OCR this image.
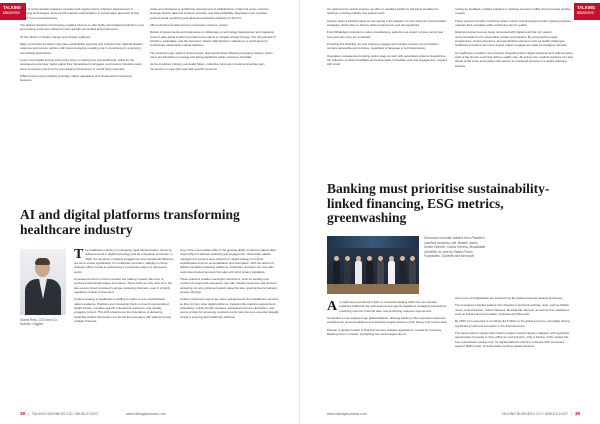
TALKING
Business

those of communication between investors and registry teams collective advancement in emerging technologies. Insurers still maintain intermediation to conservative approach across health, home and automotive.

The defined standard of technology enables insurers to offer highly personalised products to new and existing customers, tailored to their specific risk profiles and preferences.

AT the effects of climate change spur climate resilience

Major economies introduce corporate sustainability reporting and continue their national disaster response and recover policies, with insurers playing a leading role in compliance by employing remodelling approaches.

Lower- and middle-income economies focus on saving lives and livelihoods, whilst for the developed economies, banks adjust their risk-adjusted mortgages, and insurers introduce lower home insurance premiums by encouraging homeowners to retrofit their properties.

While insurers stop providing coverage, safety regulations and climate-driven reinsurers business

codes are introduced to prohibit the development of infrastructure in high risk zones. Insurers leverage historic data and enhance accuracy and data availability. Regulators now mandate environmental monitoring and advanced predictive analytics for the firm.

AM insurtech innovation and no cooperation insurers, insurer.

Reliant of governments and businesses to collaborate on technology development and regulation, insurers take global conflict and undermines efforts to mitigate climate change. The full potential of AI fails to materialise, and the insurance industry falls behind in adapting to a world beset by increasingly catastrophic natural disasters.

The protection gap reaches historic levels, disproportionately affecting emerging markets, where many are left without coverage and facing significant public insurance shortfalls.

As the insurance industry eventually falters, collective risk pools in local communities gain momentum to cope with regionally specific concerns.

AI and digital platforms transforming healthcare industry

Gianni Reis, COO and Co-founder, Giggles

The healthcare industry is undergoing rapid transformation, driven by advancements in digital technology and the integration of AI tools. In 2025, the dynamics of patient engagement and operational efficiency are set to evolve significantly. For healthcare providers, adapting to these changes will be crucial to maintaining a competitive edge in a fast-paced sector.

AI-powered tools for content creation are making it easier than ever to produce professional images and videos. These tools not only save time, but also ensure brand consistency across marketing channels, even in a highly regulated medical environment.

Content strategy in healthcare is shifting to reflect a more sophisticated patient audience. Practices are increasingly likely to invest in personalised health articles, condition-specific educational resources, and visually engaging content. This shift underscores the importance of delivering medically-verified information in a format that resonates with patients across multiple channels.

One of the most notable shifts is the growing ability to harness patient data responsibly for tailored marketing and engagement. Historically, patient management systems were siloed from digital strategy but hybrid sophisticated tools for personalisation and automation. With the advent of HIPAA-compliant marketing platforms, healthcare providers can now offer customised patient journeys that align with strict privacy standards.

These solutions enable meaningful interactions, such as sending new mothers IF tough post-pregnancy care with relevant resources and services, delivering not only enhanced patient value but also opportunities for tailored service offerings.

Today's consumers expect the same seamlessness from healthcare services as they do from other digital platforms. Features like real-time appointment scheduling, mobile-friendly websites, transparent service information, and secure portals for accessing medical records have become essential. Equally critical is ensuring that healthcare websites

38 | TALKING BUSINESS CIO / MIDDLE EAST	www.talkingbusiness.com
TALKING
Business

are optimised for search engines, as older or outdated platforms risk being penalised in rankings, reducing visibility and patient reach.

Another area of transformation we are seeing is the adoption of omni-channel communication strategies, which cater to diverse patient preferences and demographics.

From WhatsApp reminders to video consultations, patients now expect to have control over how and when they are contacted.

Providing this flexibility not only improves engagement but also ensures communication remains accessible and inclusive, regardless of language or technical literacy.

Reputation management is taking centre stage as well, with automated systems streamlining the collection of patient feedback and testimonials. Immediate post-visit engagement, coupled with smart

routing for feedback, enables practices to address concerns swiftly and encourage positive reviews.

These systems simplify monitoring online reviews and developing trends, helping practices maintain their reputation while reinforcing service quality.

Referral programmes are being reinvented with digital tools that turn patient recommendations into measurable growth opportunities. By incorporating loyalty programmes, reward structures, and gamification elements such as health challenges, healthcare providers can foster deeper patient engagement while encouraging referrals.

As healthcare providers must prioritise integrating these digital advancements without losing sight of the human touch that defines quality care. By acting now, medical practices can stay ahead of the curve and position themselves for sustained success in a rapidly changing industry.

Banking must prioritise sustainability-linked financing, ESG metrics, greenwashing

Discussion includes leaders from Paradie's Landfare business unit, Bander Jones, Senior Director, Carlos Herrera, Mostafalde Gastelde, as well as Rafael Future Foundation, Gradelle and Microsoft

As could have a profound impact on corporate banking within the next decade, replacing traditional role with autonomous agents capable of managing transactions, predicting real-time financial data, and enhancing customer experiences.

Generative AI can analyse huge global datasets, allowing banks to offer corporate customers predictive tax recommendations and accurate insights based on their history and current data.

Paradie, a global provider of financial services software applications, hosted its Corporate Banking Forum in Dubai, spotlighting how technologies like AI

and end-to-end digitisation are transforming the global corporate banking landscape.

The executives included leaders from Paradie's Landmark software units, such as Markin Jones, Anand Kannan, Carlos Taravera, Mostafa Abu Serreeh, as well as from institutions such as Dubai Future Foundation, Emirates and Microsoft.

By 2030, AI is expected to contribute $1.5 trillion to the global economy, potentially driving significant growth and innovation in the financial sector.

The panel region's supply chain finance market remains largely untapped, with significant opportunities for banks to drive efficiency and inclusion. Only a fraction of the market has been penetrated, leaving room for digital platforms and AI to enhance SCF processes, support SME growth, and streamline working capital solutions.

www.talkingbusiness.com	TALKING BUSINESS CIO / MIDDLE EAST | 39
